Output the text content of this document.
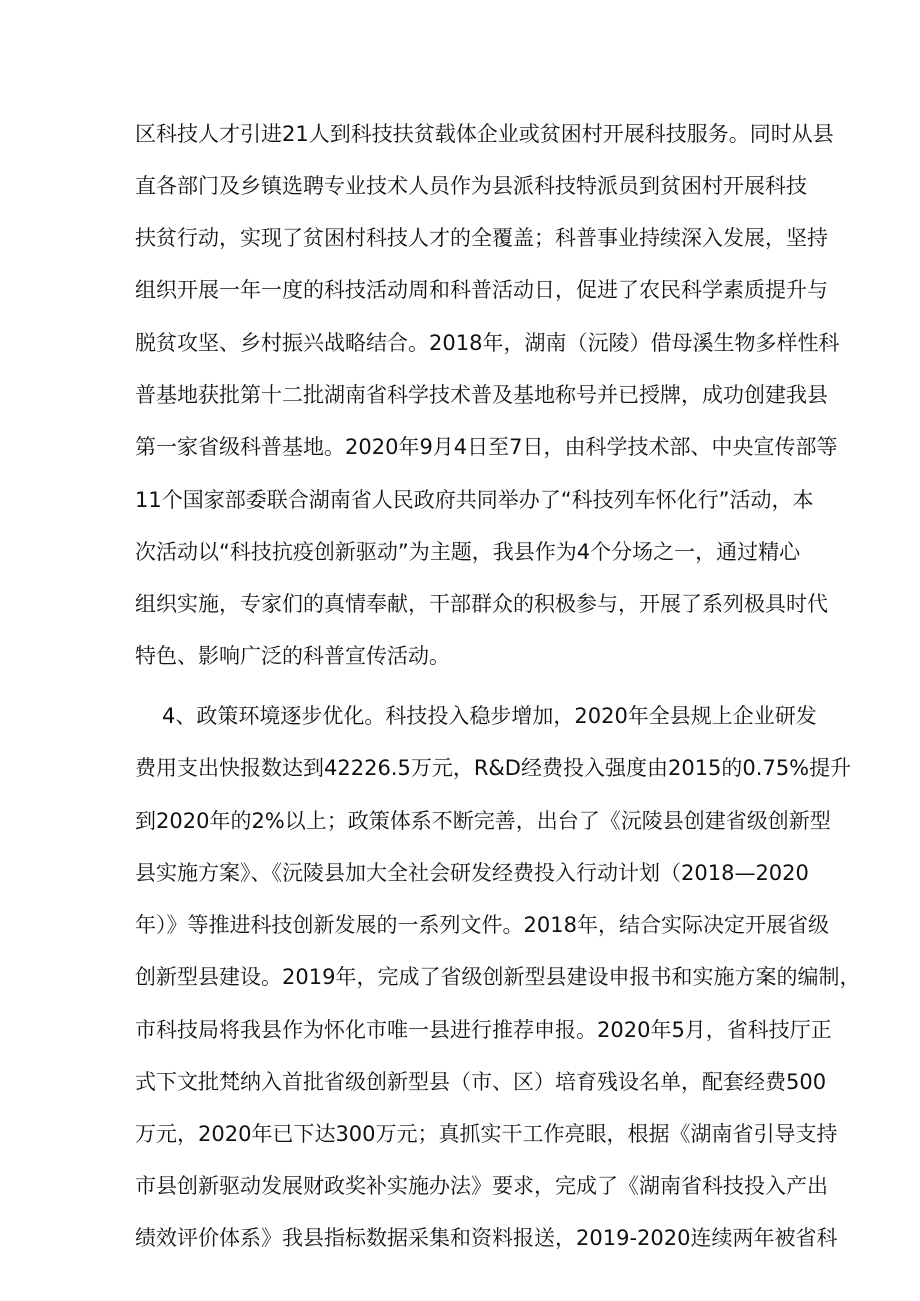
区科技人才引进21人到科技扶贫载体企业或贫困村开展科技服务。同时从县
直各部门及乡镇选聘专业技术人员作为县派科技特派员到贫困村开展科技
扶贫行动，实现了贫困村科技人才的全覆盖；科普事业持续深入发展，坚持
组织开展一年一度的科技活动周和科普活动日，促进了农民科学素质提升与
脱贫攻坚、乡村振兴战略结合。2018年，湖南（沅陵）借母溪生物多样性科
普基地获批第十二批湖南省科学技术普及基地称号并已授牌，成功创建我县
第一家省级科普基地。2020年9月4日至7日，由科学技术部、中央宣传部等
11个国家部委联合湖南省人民政府共同举办了“科技列车怀化行”活动，本
次活动以“科技抗疫创新驱动”为主题，我县作为4个分场之一，通过精心
组织实施，专家们的真情奉献，干部群众的积极参与，开展了系列极具时代
特色、影响广泛的科普宣传活动。
4、政策环境逐步优化。科技投入稳步增加，2020年全县规上企业研发
费用支出快报数达到42226.5万元，R&D经费投入强度由2015的0.75%提升
到2020年的2%以上；政策体系不断完善，出台了《沅陵县创建省级创新型
县实施方案》、《沅陵县加大全社会研发经费投入行动计划（2018—2020
年）》等推进科技创新发展的一系列文件。2018年，结合实际决定开展省级
创新型县建设。2019年，完成了省级创新型县建设申报书和实施方案的编制，
市科技局将我县作为怀化市唯一县进行推荐申报。2020年5月，省科技厅正
式下文批梵纳入首批省级创新型县（市、区）培育残设名单，配套经费500
万元，2020年已下达300万元；真抓实干工作亮眼，根据《湖南省引导支持
市县创新驱动发展财政奖补实施办法》要求，完成了《湖南省科技投入产出
绩效评价体系》我县指标数据采集和资料报送，2019-2020连续两年被省科
